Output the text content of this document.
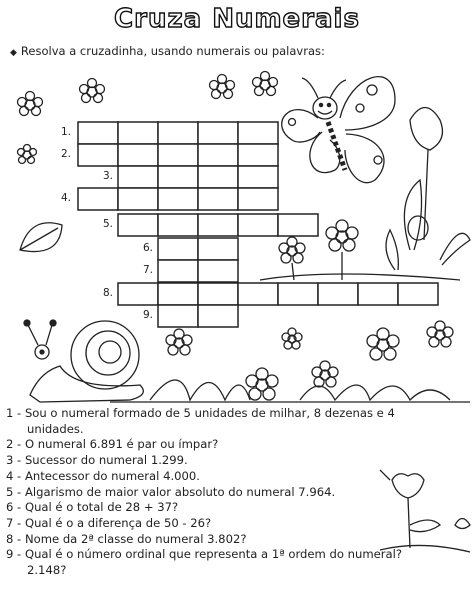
Cruza Numerais
◆ Resolva a cruzadinha, usando numerais ou palavras:
1.
2.
3.
4.
5.
6.
7.
8.
9.

1 - Sou o numeral formado de 5 unidades de milhar, 8 dezenas e 4
unidades.

2 - O numeral 6.891 é par ou ímpar?

3 - Sucessor do numeral 1.299.

4 - Antecessor do numeral 4.000.

5 - Algarismo de maior valor absoluto do numeral 7.964.

6 - Qual é o total de 28 + 37?

7 - Qual é o a diferença de 50 - 26?

8 - Nome da 2ª classe do numeral 3.802?

9 - Qual é o número ordinal que representa a 1ª ordem do numeral?
2.148?
